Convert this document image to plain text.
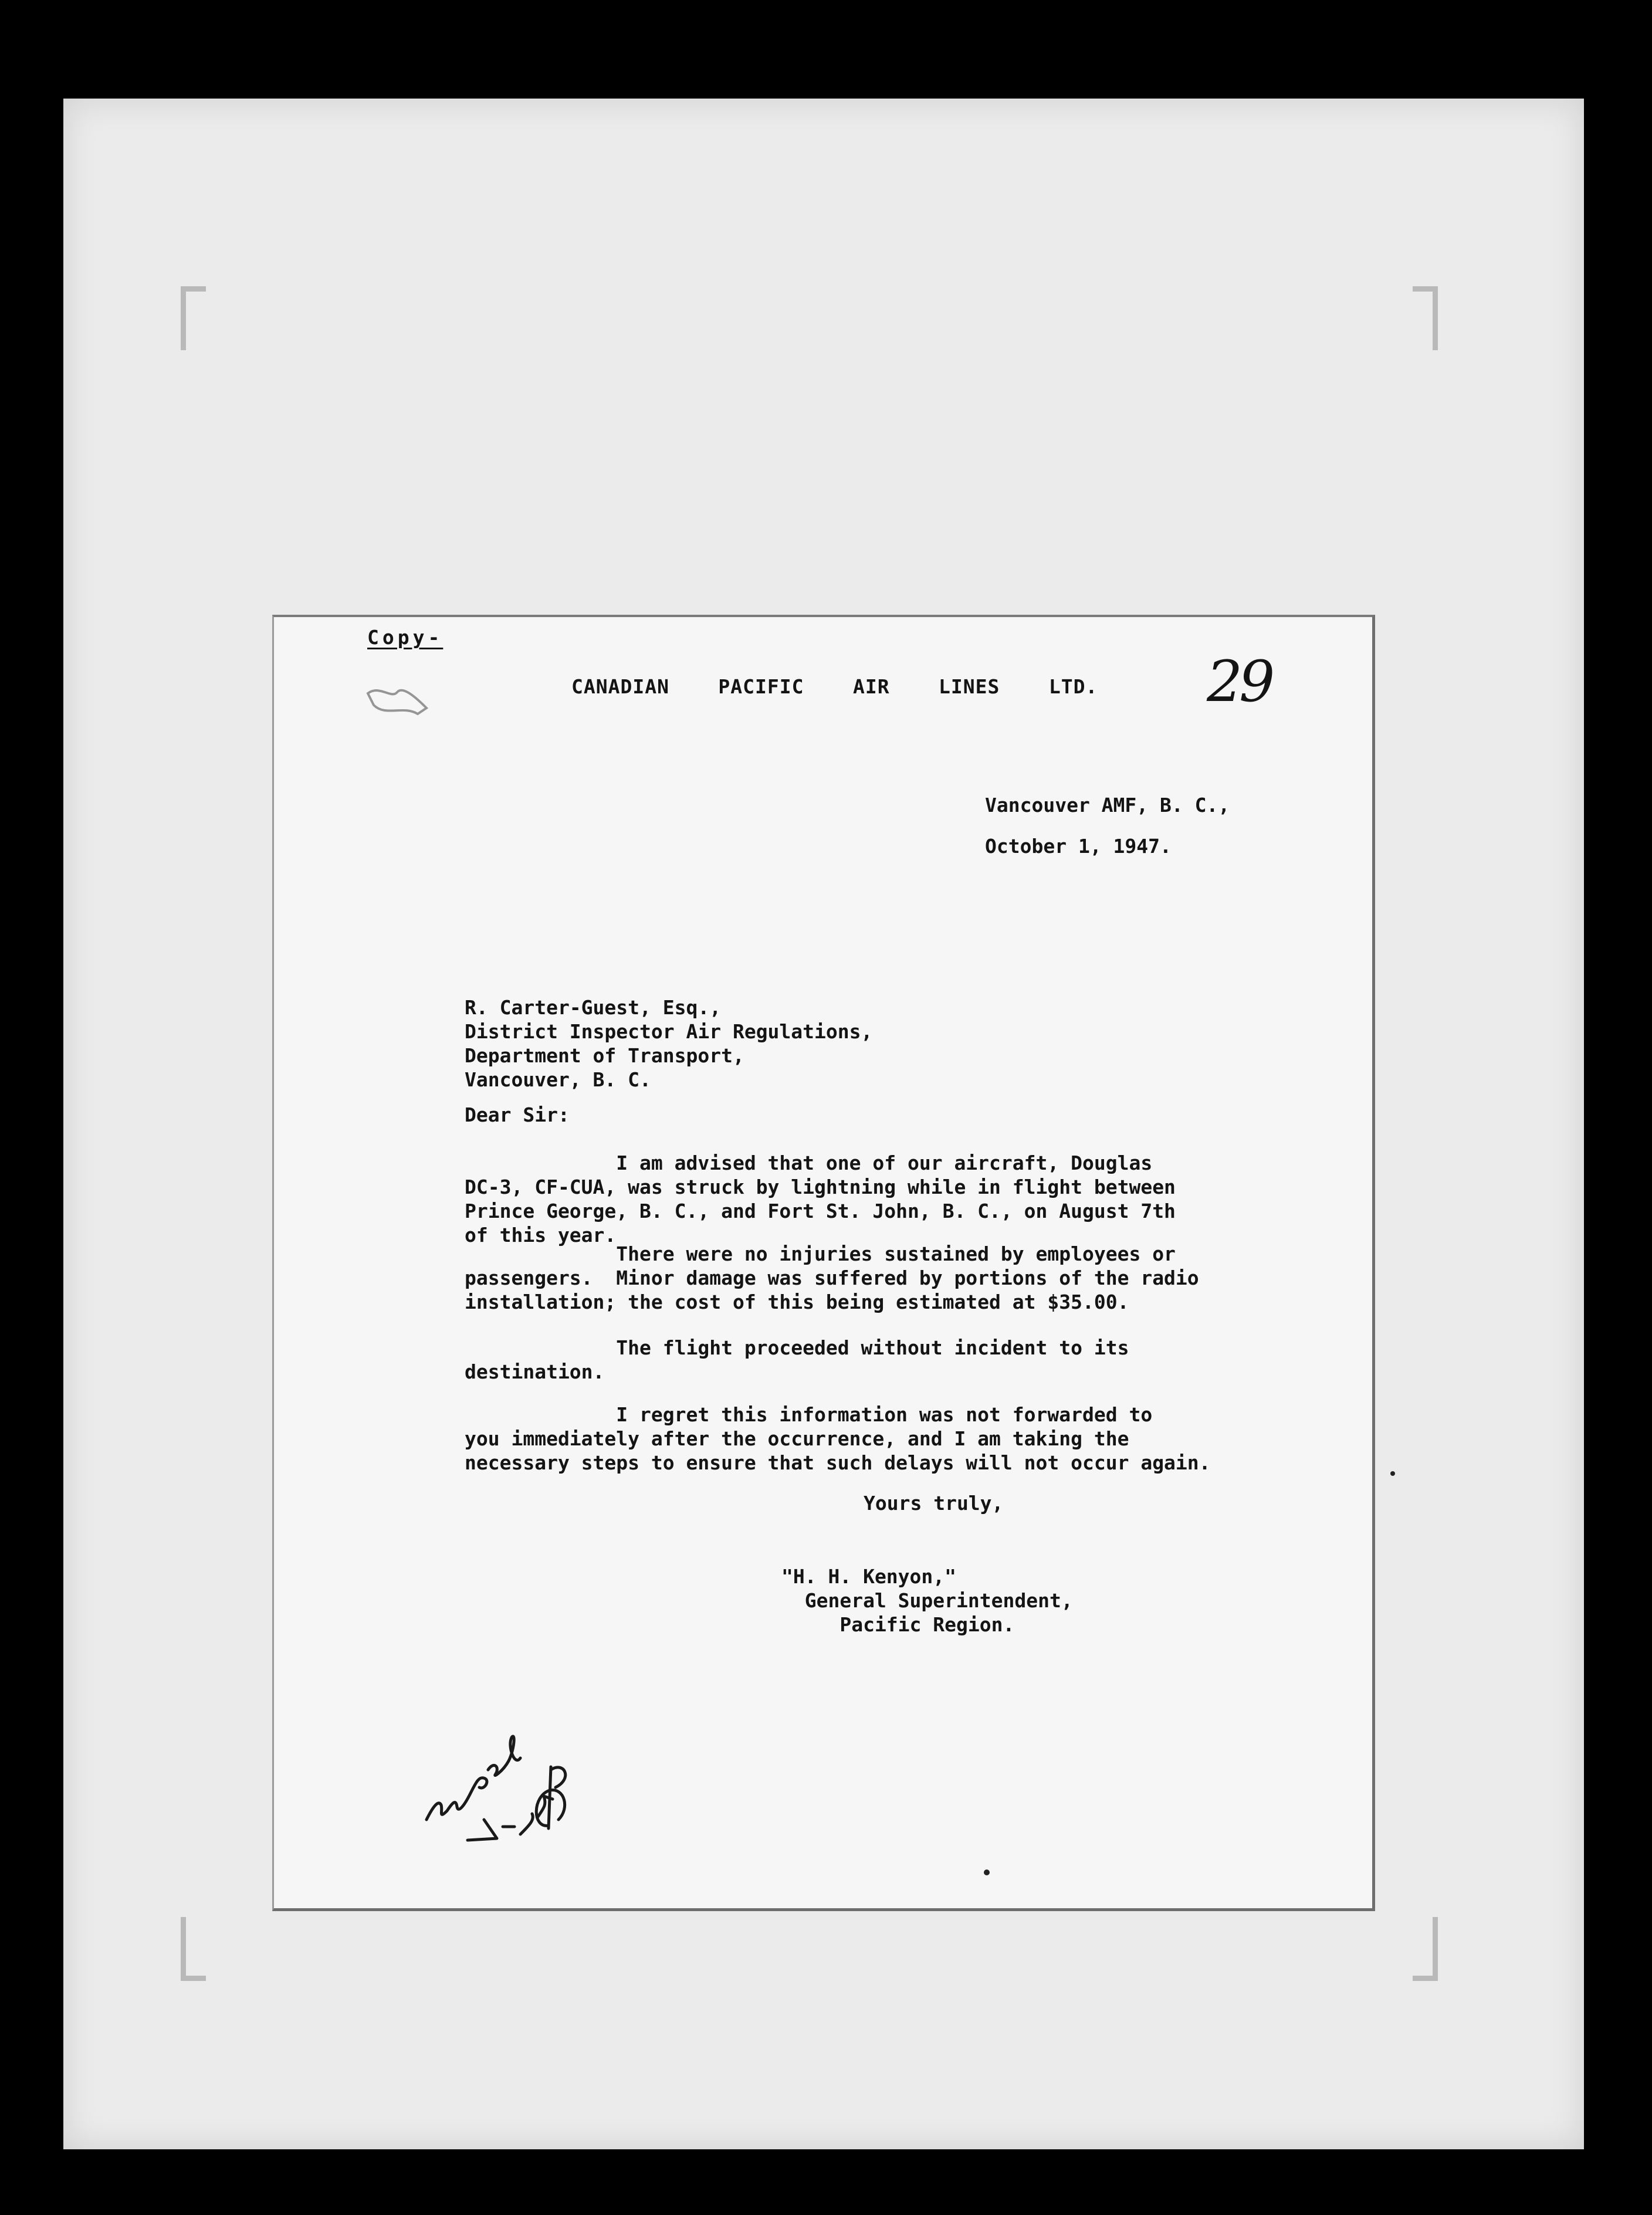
Copy-

CANADIAN    PACIFIC    AIR    LINES    LTD. 29

Vancouver AMF, B. C.,

October 1, 1947.

R. Carter-Guest, Esq.,
District Inspector Air Regulations,
Department of Transport,
Vancouver, B. C.

Dear Sir:

I am advised that one of our aircraft, Douglas
DC-3, CF-CUA, was struck by lightning while in flight between
Prince George, B. C., and Fort St. John, B. C., on August 7th
of this year.

There were no injuries sustained by employees or
passengers.  Minor damage was suffered by portions of the radio
installation; the cost of this being estimated at $35.00.

The flight proceeded without incident to its
destination.

I regret this information was not forwarded to
you immediately after the occurrence, and I am taking the
necessary steps to ensure that such delays will not occur again.

Yours truly,

"H. H. Kenyon,"
General Superintendent,
Pacific Region.
